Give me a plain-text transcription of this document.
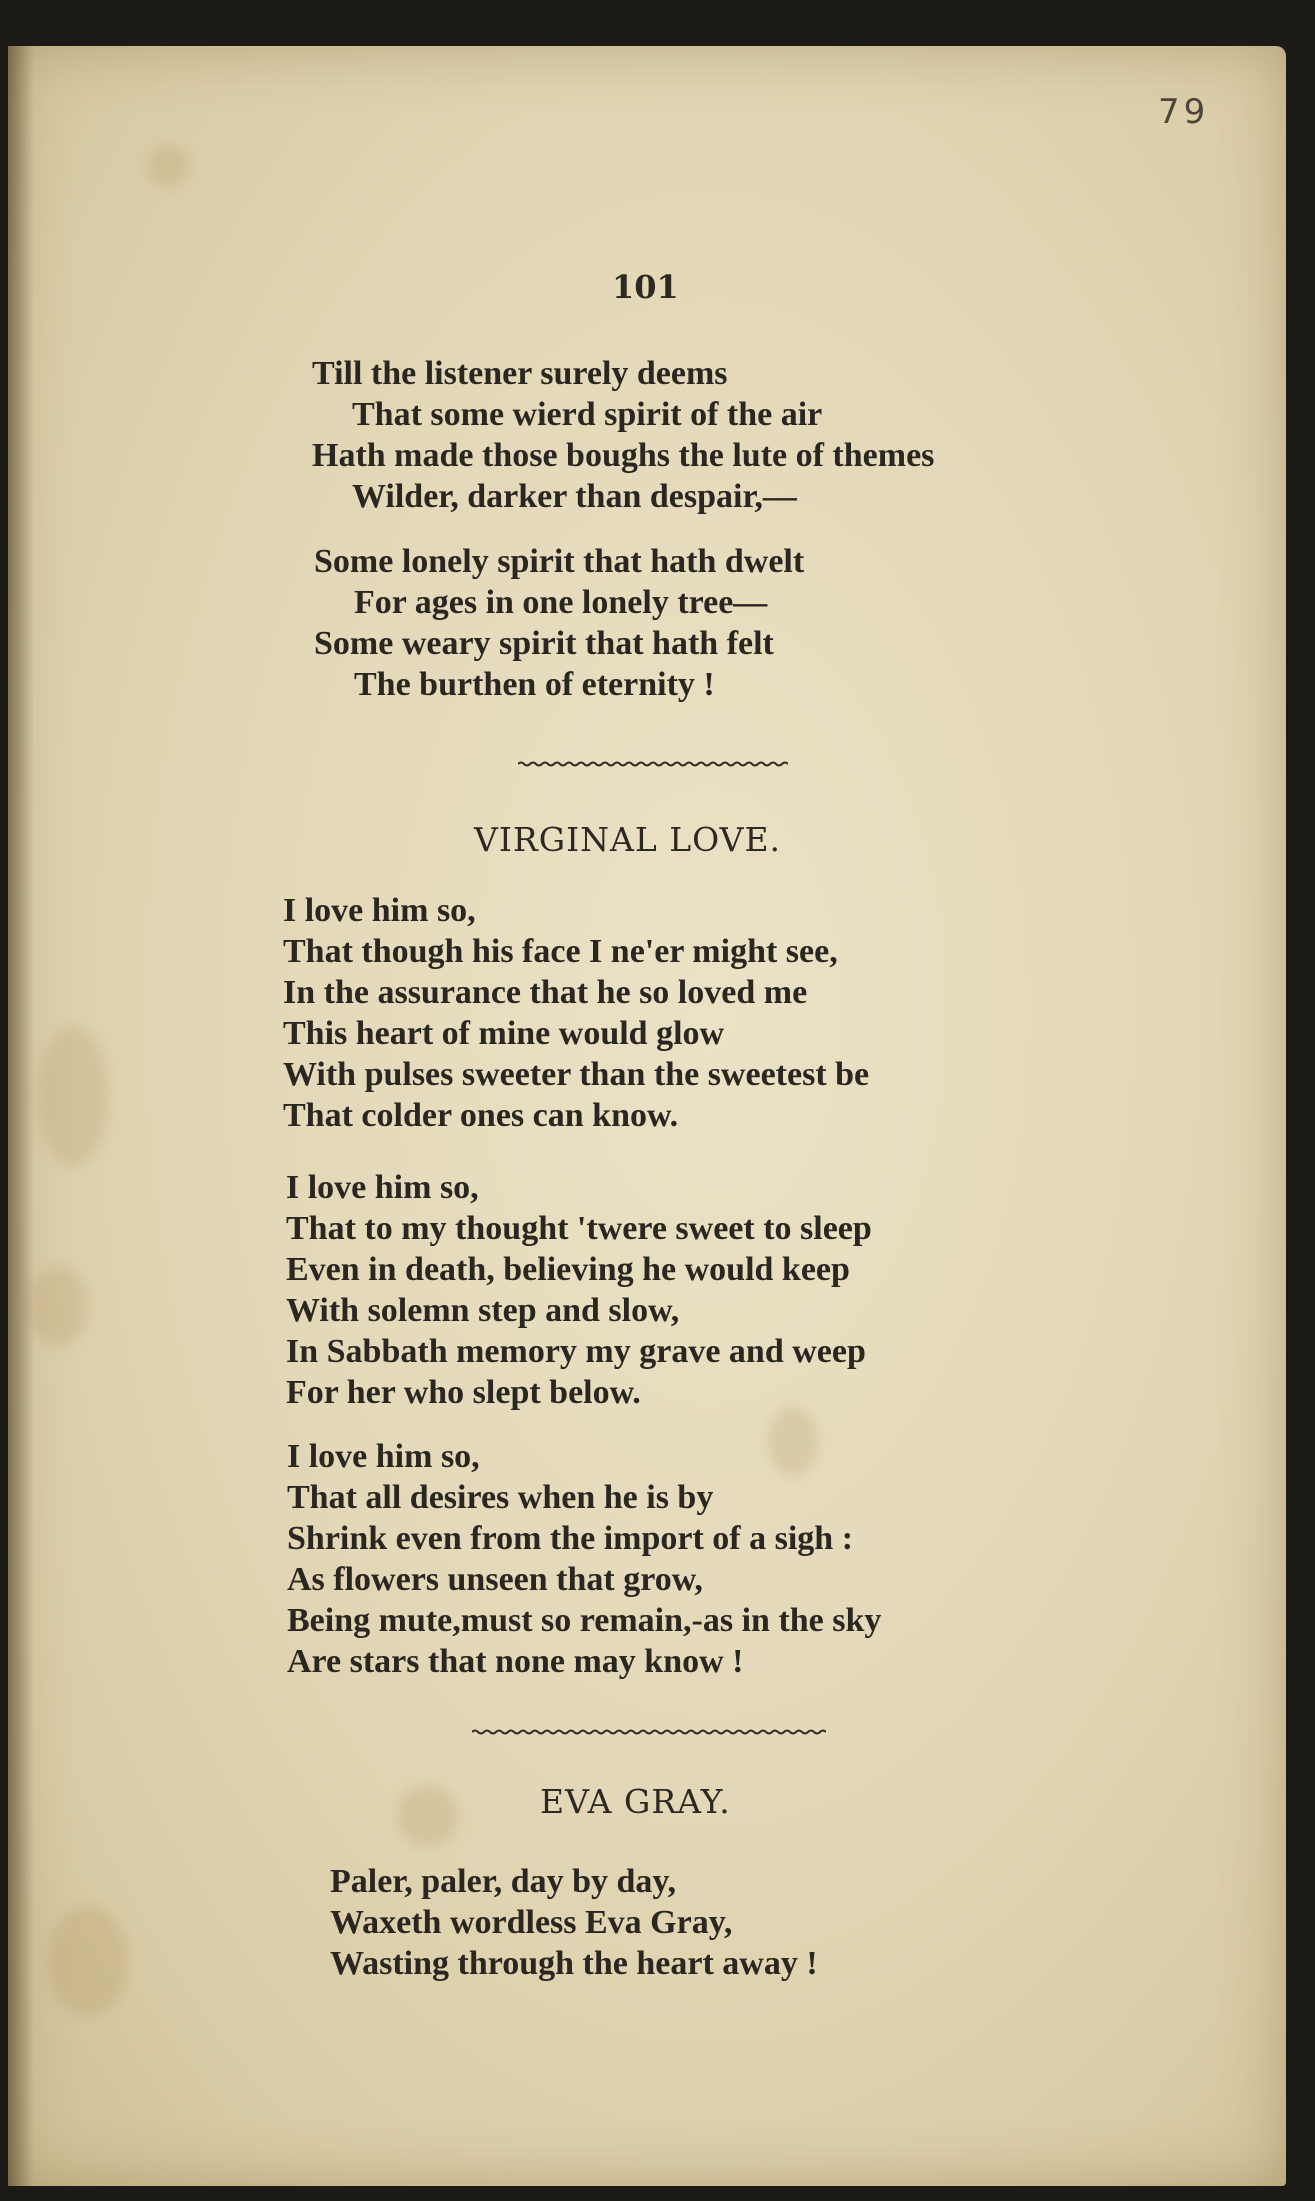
79

101

Till the listener surely deems
That some wierd spirit of the air
Hath made those boughs the lute of themes
Wilder, darker than despair,—
Some lonely spirit that hath dwelt
For ages in one lonely tree—
Some weary spirit that hath felt
The burthen of eternity !
VIRGINAL LOVE.
I love him so,
That though his face I ne'er might see,
In the assurance that he so loved me
This heart of mine would glow
With pulses sweeter than the sweetest be
That colder ones can know.
I love him so,
That to my thought 'twere sweet to sleep
Even in death, believing he would keep
With solemn step and slow,
In Sabbath memory my grave and weep
For her who slept below.
I love him so,
That all desires when he is by
Shrink even from the import of a sigh :
As flowers unseen that grow,
Being mute,must so remain,-as in the sky
Are stars that none may know !
EVA GRAY.
Paler, paler, day by day,
Waxeth wordless Eva Gray,
Wasting through the heart away !
